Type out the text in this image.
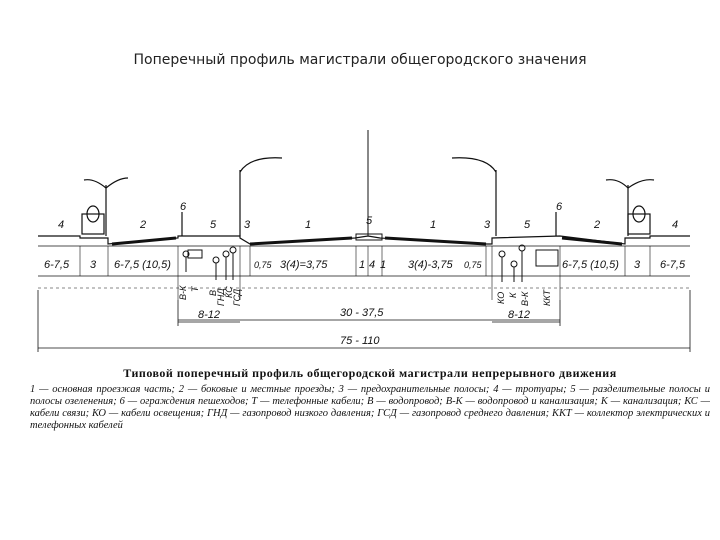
Поперечный профиль магистрали общегородского значения
4	2
6
5	3	1	5	1	3	5
6
2	4
6-7,5 3 6-7,5 (10,5)	0,75 3(4)=3,75	1 4 1 3(4)-3,75 0,75	6-7,5 (10,5) 3 6-7,5
В-К Т
В
ГНД
КС
ГСД	КО К В-К ККТ
8-12	8-12
30 - 37,5
75 - 110
Типовой поперечный профиль общегородской магистрали непрерывного движения
1 — основная проезжая часть; 2 — боковые и местные проезды; 3 — предохранительные полосы; 4 — тротуары; 5 — разделительные полосы и полосы озеленения; 6 — ограждения пешеходов; Т — телефонные кабели; В — водопровод; В-К — водопровод и канализация; К — канализация; КС — кабели связи; КО — кабели освещения; ГНД — газопровод низкого давления; ГСД — газопровод среднего давления; ККТ — коллектор электрических и телефонных кабелей
